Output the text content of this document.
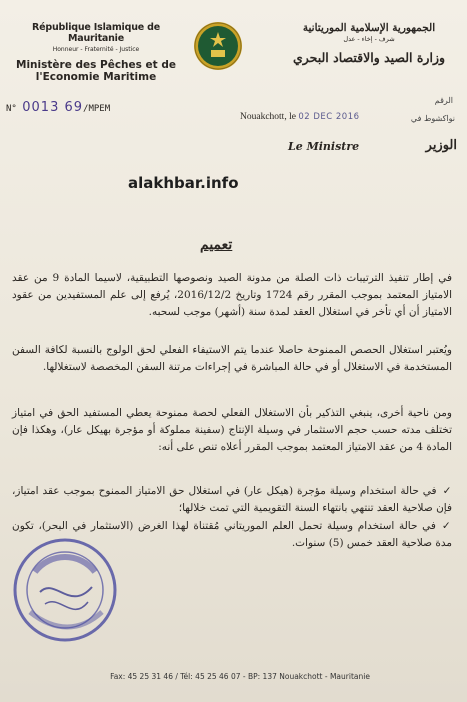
République Islamique de Mauritanie
Honneur - Fraternité - Justice
Ministère des Pêches et de l'Economie Maritime
الجمهورية الإسلامية الموريتانية
شرف - إخاء - عدل
وزارة الصيد والاقتصاد البحري
N° 0013 69/MPEM
الرقم
Nouakchott, le 02 DEC 2016	نواكشوط في
Le Ministre	الوزير
alakhbar.info
تعميم
في إطار تنفيذ الترتيبات ذات الصلة من مدونة الصيد ونصوصها التطبيقية، لاسيما المادة 9 من عقد الامتياز المعتمد بموجب المقرر رقم 1724 وتاريخ 2016/12/2، يُرفع إلى علم المستفيدين من عقود الامتياز أن أي تأخر في استغلال العقد لمدة سنة (أشهر) موجب لسحبه.
ويُعتبر استغلال الحصص الممنوحة حاصلا عندما يتم الاستيفاء الفعلي لحق الولوج بالنسبة لكافة السفن المستخدمة في الاستغلال أو في حالة المباشرة في إجراءات مرتنة السفن المخصصة لاستغلالها.
ومن ناحية أخرى، ينبغي التذكير بأن الاستغلال الفعلي لحصة ممنوحة يعطي المستفيد الحق في امتياز تختلف مدته حسب حجم الاستثمار في وسيلة الإنتاج (سفينة مملوكة أو مؤجرة بهيكل عار)، وهكذا فإن المادة 4 من عقد الامتياز المعتمد بموجب المقرر أعلاه تنص على أنه:
✓في حالة استخدام وسيلة مؤجرة (هيكل عار) في استغلال حق الامتياز الممنوح بموجب عقد امتياز، فإن صلاحية العقد تنتهي بانتهاء السنة التقويمية التي تمت خلالها؛
✓في حالة استخدام وسيلة تحمل العلم الموريتاني مُقتناة لهذا الغرض (الاستثمار في البحر)، تكون مدة صلاحية العقد خمس (5) سنوات.
Fax: 45 25 31 46 / Tél: 45 25 46 07 - BP: 137 Nouakchott - Mauritanie
